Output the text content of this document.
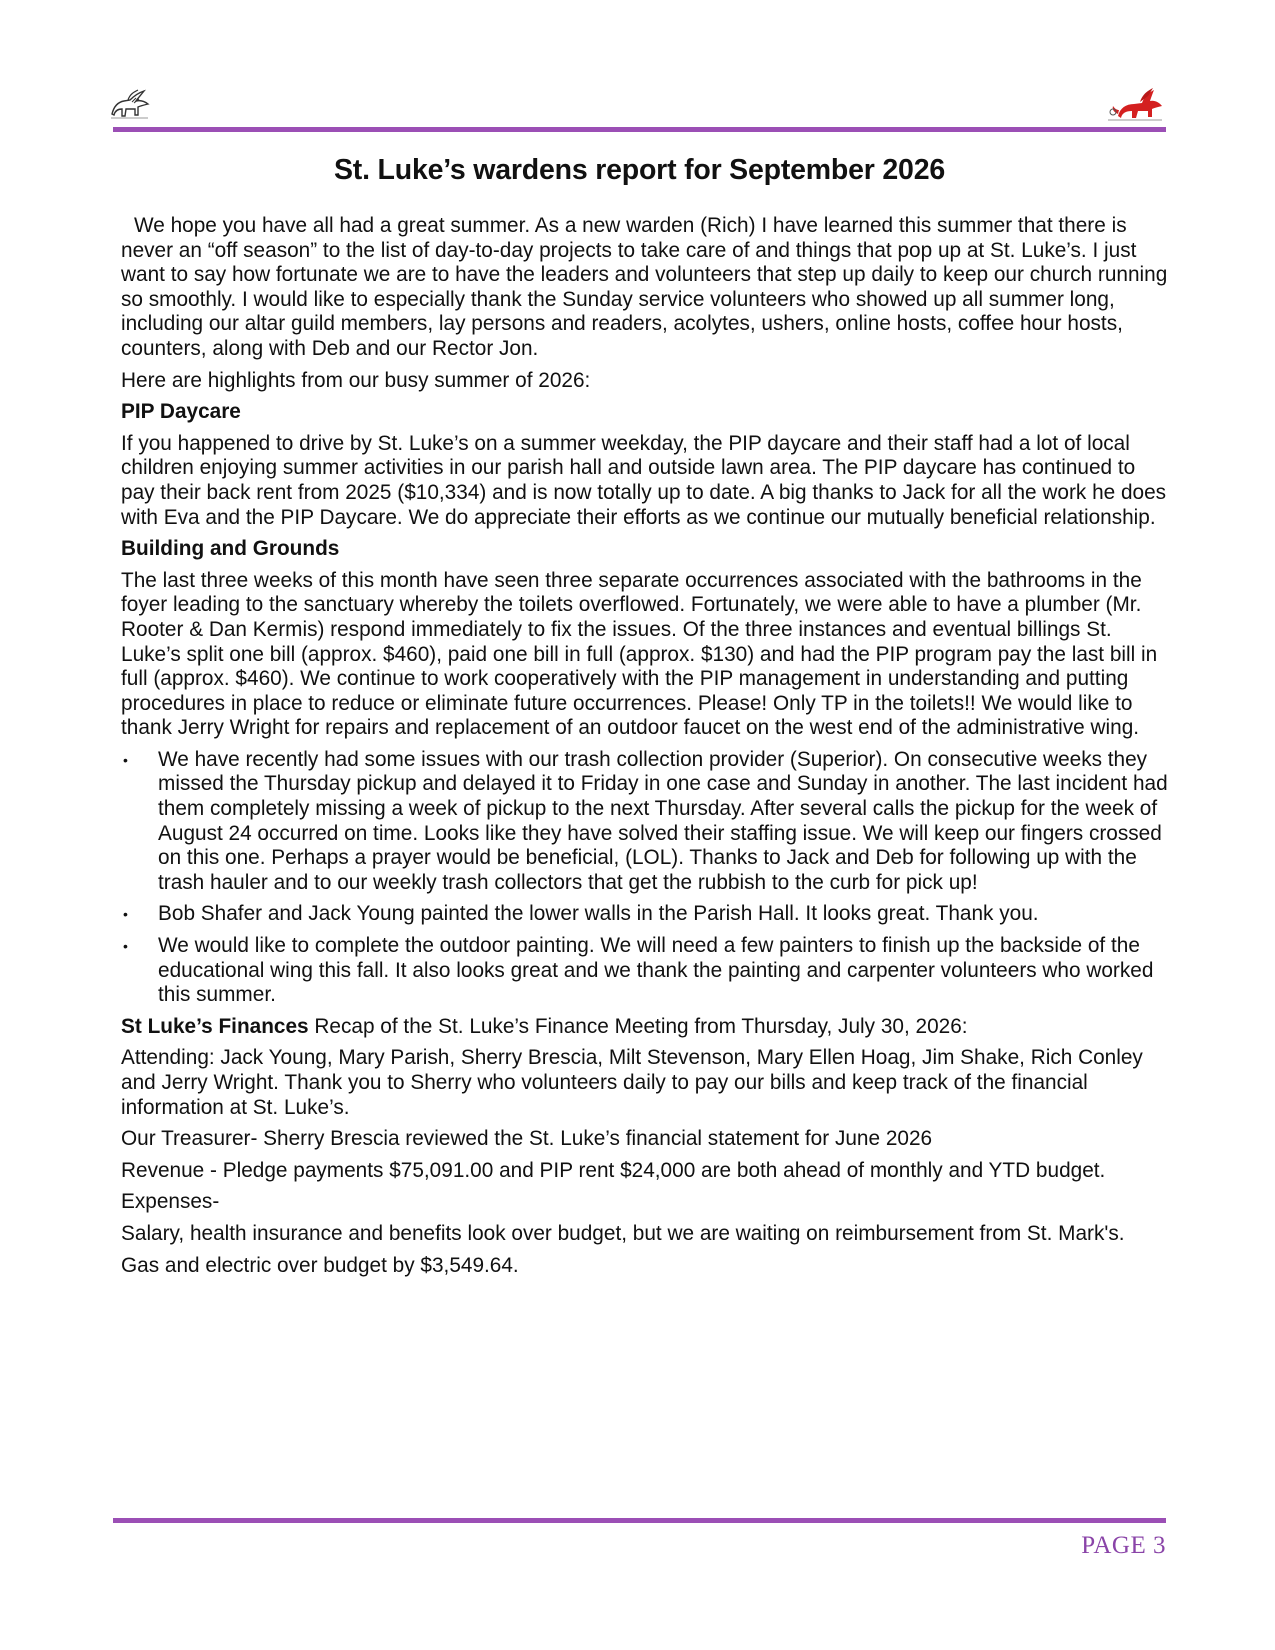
St. Luke’s wardens report for September 2026

We hope you have all had a great summer. As a new warden (Rich) I have learned this summer that there is never an “off season” to the list of day-to-day projects to take care of and things that pop up at St. Luke’s. I just want to say how fortunate we are to have the leaders and volunteers that step up daily to keep our church running so smoothly. I would like to especially thank the Sunday service volunteers who showed up all summer long, including our altar guild members, lay persons and readers, acolytes, ushers, online hosts, coffee hour hosts, counters, along with Deb and our Rector Jon.

Here are highlights from our busy summer of 2026:

PIP Daycare

If you happened to drive by St. Luke’s on a summer weekday, the PIP daycare and their staff had a lot of local children enjoying summer activities in our parish hall and outside lawn area. The PIP daycare has continued to pay their back rent from 2025 ($10,334) and is now totally up to date. A big thanks to Jack for all the work he does with Eva and the PIP Daycare. We do appreciate their efforts as we continue our mutually beneficial relationship.

Building and Grounds

The last three weeks of this month have seen three separate occurrences associated with the bathrooms in the foyer leading to the sanctuary whereby the toilets overflowed. Fortunately, we were able to have a plumber (Mr. Rooter & Dan Kermis) respond immediately to fix the issues. Of the three instances and eventual billings St. Luke’s split one bill (approx. $460), paid one bill in full (approx. $130) and had the PIP program pay the last bill in full (approx. $460). We continue to work cooperatively with the PIP management in understanding and putting procedures in place to reduce or eliminate future occurrences. Please! Only TP in the toilets!! We would like to thank Jerry Wright for repairs and replacement of an outdoor faucet on the west end of the administrative wing.

• We have recently had some issues with our trash collection provider (Superior). On consecutive weeks they missed the Thursday pickup and delayed it to Friday in one case and Sunday in another. The last incident had them completely missing a week of pickup to the next Thursday. After several calls the pickup for the week of August 24 occurred on time. Looks like they have solved their staffing issue. We will keep our fingers crossed on this one. Perhaps a prayer would be beneficial, (LOL). Thanks to Jack and Deb for following up with the trash hauler and to our weekly trash collectors that get the rubbish to the curb for pick up!
• Bob Shafer and Jack Young painted the lower walls in the Parish Hall. It looks great. Thank you.
• We would like to complete the outdoor painting. We will need a few painters to finish up the backside of the educational wing this fall. It also looks great and we thank the painting and carpenter volunteers who worked this summer.

St Luke’s Finances Recap of the St. Luke’s Finance Meeting from Thursday, July 30, 2026:

Attending: Jack Young, Mary Parish, Sherry Brescia, Milt Stevenson, Mary Ellen Hoag, Jim Shake, Rich Conley and Jerry Wright. Thank you to Sherry who volunteers daily to pay our bills and keep track of the financial information at St. Luke’s.

Our Treasurer- Sherry Brescia reviewed the St. Luke’s financial statement for June 2026

Revenue - Pledge payments $75,091.00 and PIP rent $24,000 are both ahead of monthly and YTD budget.

Expenses-

Salary, health insurance and benefits look over budget, but we are waiting on reimbursement from St. Mark's.

Gas and electric over budget by $3,549.64.

PAGE 3
